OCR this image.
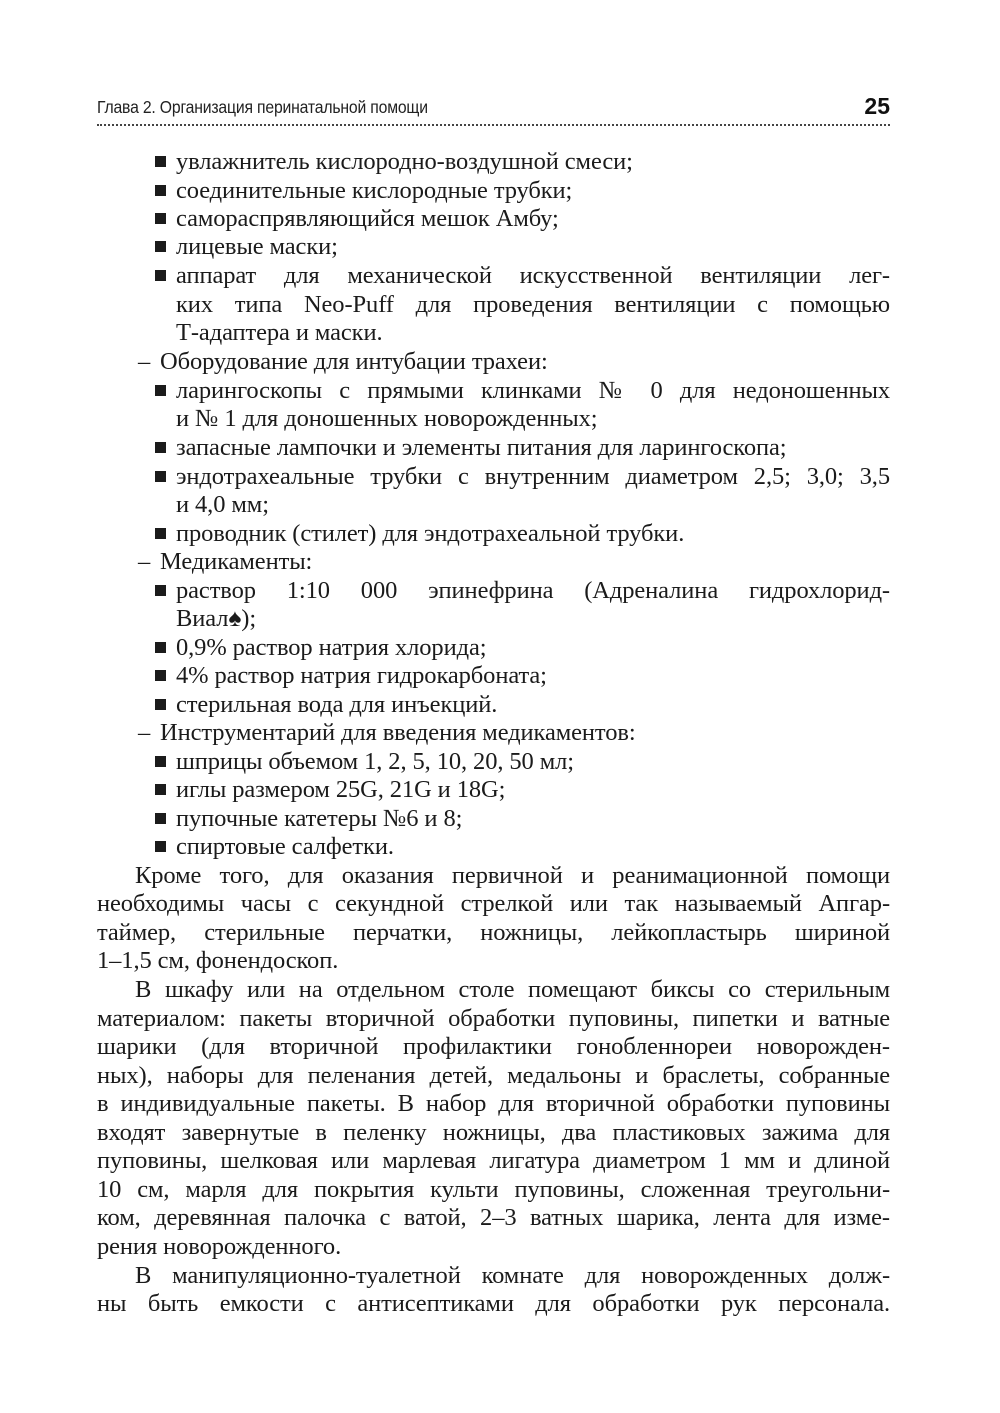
Глава 2. Организация перинатальной помощи	25
увлажнитель кислородно-воздушной смеси;
соединительные кислородные трубки;
самораспрявляющийся мешок Амбу;
лицевые маски;
аппарат для механической искусственной вентиляции лег-
ких типа Neo-Puff для проведения вентиляции с помощью
Т-адаптера и маски.
– Оборудование для интубации трахеи:
ларингоскопы с прямыми клинками № 0 для недоношенных
и № 1 для доношенных новорожденных;
запасные лампочки и элементы питания для ларингоскопа;
эндотрахеальные трубки с внутренним диаметром 2,5; 3,0; 3,5
и 4,0 мм;
проводник (стилет) для эндотрахеальной трубки.
– Медикаменты:
раствор 1:10 000 эпинефрина (Адреналина гидрохлорид-
Виал♠);
0,9% раствор натрия хлорида;
4% раствор натрия гидрокарбоната;
стерильная вода для инъекций.
– Инструментарий для введения медикаментов:
шприцы объемом 1, 2, 5, 10, 20, 50 мл;
иглы размером 25G, 21G и 18G;
пупочные катетеры №6 и 8;
спиртовые салфетки.
Кроме того, для оказания первичной и реанимационной помощи
необходимы часы с секундной стрелкой или так называемый Апгар-
таймер, стерильные перчатки, ножницы, лейкопластырь шириной
1–1,5 см, фонендоскоп.
В шкафу или на отдельном столе помещают биксы со стерильным
материалом: пакеты вторичной обработки пуповины, пипетки и ватные
шарики (для вторичной профилактики гонобленнореи новорожден-
ных), наборы для пеленания детей, медальоны и браслеты, собранные
в индивидуальные пакеты. В набор для вторичной обработки пуповины
входят завернутые в пеленку ножницы, два пластиковых зажима для
пуповины, шелковая или марлевая лигатура диаметром 1 мм и длиной
10 см, марля для покрытия культи пуповины, сложенная треугольни-
ком, деревянная палочка с ватой, 2–3 ватных шарика, лента для изме-
рения новорожденного.
В манипуляционно-туалетной комнате для новорожденных долж-
ны быть емкости с антисептиками для обработки рук персонала.
